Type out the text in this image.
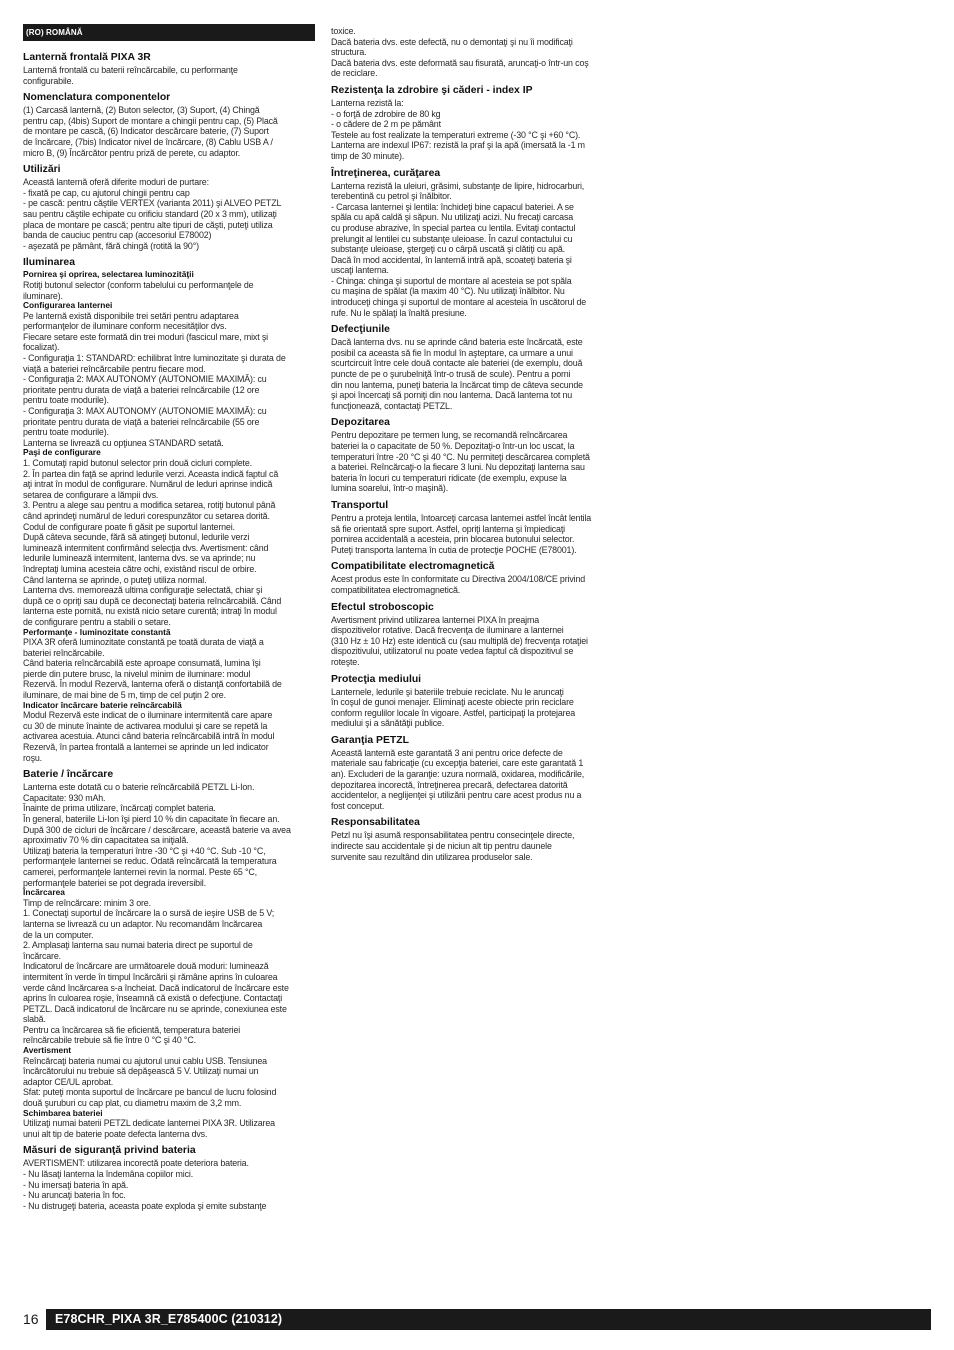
(RO) ROMÂNĂ
Lanternă frontală PIXA 3R

Lanternă frontală cu baterii reîncărcabile, cu performanţe
configurabile.

Nomenclatura componentelor

(1) Carcasă lanternă, (2) Buton selector, (3) Suport, (4) Chingă
pentru cap, (4bis) Suport de montare a chingii pentru cap, (5) Placă
de montare pe cască, (6) Indicator descărcare baterie, (7) Suport
de încărcare, (7bis) Indicator nivel de încărcare, (8) Cablu USB A /
micro B, (9) Încărcător pentru priză de perete, cu adaptor.

Utilizări

Această lanternă oferă diferite moduri de purtare:
- fixată pe cap, cu ajutorul chingii pentru cap
- pe cască: pentru căştile VERTEX (varianta 2011) şi ALVEO PETZL
sau pentru căştile echipate cu orificiu standard (20 x 3 mm), utilizaţi
placa de montare pe cască; pentru alte tipuri de căşti, puteţi utiliza
banda de cauciuc pentru cap (accesoriul E78002)
- aşezată pe pământ, fără chingă (rotită la 90°)

Iluminarea
Pornirea şi oprirea, selectarea luminozităţii

Rotiţi butonul selector (conform tabelului cu performanţele de
iluminare).

Configurarea lanternei

Pe lanternă există disponibile trei setări pentru adaptarea
performanţelor de iluminare conform necesităţilor dvs.
Fiecare setare este formată din trei moduri (fascicul mare, mixt şi
focalizat).
- Configuraţia 1: STANDARD: echilibrat între luminozitate şi durata de
viaţă a bateriei reîncărcabile pentru fiecare mod.
- Configuraţia 2: MAX AUTONOMY (AUTONOMIE MAXIMĂ): cu
prioritate pentru durata de viaţă a bateriei reîncărcabile (12 ore
pentru toate modurile).
- Configuraţia 3: MAX AUTONOMY (AUTONOMIE MAXIMĂ): cu
prioritate pentru durata de viaţă a bateriei reîncărcabile (55 ore
pentru toate modurile).
Lanterna se livrează cu opţiunea STANDARD setată.

Paşi de configurare

1. Comutaţi rapid butonul selector prin două cicluri complete.
2. În partea din faţă se aprind ledurile verzi. Aceasta indică faptul că
aţi intrat în modul de configurare. Numărul de leduri aprinse indică
setarea de configurare a lămpii dvs.
3. Pentru a alege sau pentru a modifica setarea, rotiţi butonul până
când aprindeţi numărul de leduri corespunzător cu setarea dorită.
Codul de configurare poate fi găsit pe suportul lanternei.
După câteva secunde, fără să atingeţi butonul, ledurile verzi
luminează intermitent confirmând selecţia dvs. Avertisment: când
ledurile luminează intermitent, lanterna dvs. se va aprinde; nu
îndreptaţi lumina acesteia către ochi, existând riscul de orbire.
Când lanterna se aprinde, o puteţi utiliza normal.
Lanterna dvs. memorează ultima configuraţie selectată, chiar şi
după ce o opriţi sau după ce deconectaţi bateria reîncărcabilă. Când
lanterna este pornită, nu există nicio setare curentă; intraţi în modul
de configurare pentru a stabili o setare.

Performanţe - luminozitate constantă

PIXA 3R oferă luminozitate constantă pe toată durata de viaţă a
bateriei reîncărcabile.
Când bateria reîncărcabilă este aproape consumată, lumina îşi
pierde din putere brusc, la nivelul minim de iluminare: modul
Rezervă. În modul Rezervă, lanterna oferă o distanţă confortabilă de
iluminare, de mai bine de 5 m, timp de cel puţin 2 ore.

Indicator încărcare baterie reîncărcabilă

Modul Rezervă este indicat de o iluminare intermitentă care apare
cu 30 de minute înainte de activarea modului şi care se repetă la
activarea acestuia. Atunci când bateria reîncărcabilă intră în modul
Rezervă, în partea frontală a lanternei se aprinde un led indicator
roşu.

Baterie / încărcare

Lanterna este dotată cu o baterie reîncărcabilă PETZL Li-Ion.
Capacitate: 930 mAh.
Înainte de prima utilizare, încărcaţi complet bateria.
În general, bateriile Li-Ion îşi pierd 10 % din capacitate în fiecare an.
După 300 de cicluri de încărcare / descărcare, această baterie va avea
aproximativ 70 % din capacitatea sa iniţială.
Utilizaţi bateria la temperaturi între -30 °C şi +40 °C. Sub -10 °C,
performanţele lanternei se reduc. Odată reîncărcată la temperatura
camerei, performanţele lanternei revin la normal. Peste 65 °C,
performanţele bateriei se pot degrada ireversibil.

Încărcarea

Timp de reîncărcare: minim 3 ore.
1. Conectaţi suportul de încărcare la o sursă de ieşire USB de 5 V;
lanterna se livrează cu un adaptor. Nu recomandăm încărcarea
de la un computer.
2. Amplasaţi lanterna sau numai bateria direct pe suportul de
încărcare.
Indicatorul de încărcare are următoarele două moduri: luminează
intermitent în verde în timpul încărcării şi rămâne aprins în culoarea
verde când încărcarea s-a încheiat. Dacă indicatorul de încărcare este
aprins în culoarea roşie, înseamnă că există o defecţiune. Contactaţi
PETZL. Dacă indicatorul de încărcare nu se aprinde, conexiunea este
slabă.
Pentru ca încărcarea să fie eficientă, temperatura bateriei
reîncărcabile trebuie să fie între 0 °C şi 40 °C.

Avertisment

Reîncărcaţi bateria numai cu ajutorul unui cablu USB. Tensiunea
încărcătorului nu trebuie să depăşească 5 V. Utilizaţi numai un
adaptor CE/UL aprobat.
Sfat: puteţi monta suportul de încărcare pe bancul de lucru folosind
două şuruburi cu cap plat, cu diametru maxim de 3,2 mm.

Schimbarea bateriei

Utilizaţi numai baterii PETZL dedicate lanternei PIXA 3R. Utilizarea
unui alt tip de baterie poate defecta lanterna dvs.

Măsuri de siguranţă privind bateria

AVERTISMENT: utilizarea incorectă poate deteriora bateria.
- Nu lăsaţi lanterna la îndemâna copiilor mici.
- Nu imersaţi bateria în apă.
- Nu aruncaţi bateria în foc.
- Nu distrugeţi bateria, aceasta poate exploda şi emite substanţe

toxice.
Dacă bateria dvs. este defectă, nu o demontaţi şi nu îi modificaţi
structura.
Dacă bateria dvs. este deformată sau fisurată, aruncaţi-o într-un coş
de reciclare.

Rezistenţa la zdrobire şi căderi - index IP

Lanterna rezistă la:
- o forţă de zdrobire de 80 kg
- o cădere de 2 m pe pământ
Testele au fost realizate la temperaturi extreme (-30 °C şi +60 °C).
Lanterna are indexul IP67: rezistă la praf şi la apă (imersată la -1 m
timp de 30 minute).

Întreţinerea, curăţarea

Lanterna rezistă la uleiuri, grăsimi, substanţe de lipire, hidrocarburi,
terebentină cu petrol şi înălbitor.
- Carcasa lanternei şi lentila: închideţi bine capacul bateriei. A se
spăla cu apă caldă şi săpun. Nu utilizaţi acizi. Nu frecaţi carcasa
cu produse abrazive, în special partea cu lentila. Evitaţi contactul
prelungit al lentilei cu substanţe uleioase. În cazul contactului cu
substanţe uleioase, ştergeţi cu o cârpă uscată şi clătiţi cu apă.
Dacă în mod accidental, în lanternă intră apă, scoateţi bateria şi
uscaţi lanterna.
- Chinga: chinga şi suportul de montare al acesteia se pot spăla
cu maşina de spălat (la maxim 40 °C). Nu utilizaţi înălbitor. Nu
introduceţi chinga şi suportul de montare al acesteia în uscătorul de
rufe. Nu le spălaţi la înaltă presiune.

Defecţiunile

Dacă lanterna dvs. nu se aprinde când bateria este încărcată, este
posibil ca aceasta să fie în modul în aşteptare, ca urmare a unui
scurtcircuit între cele două contacte ale bateriei (de exemplu, două
puncte de pe o şurubelniţă într-o trusă de scule). Pentru a porni
din nou lanterna, puneţi bateria la încărcat timp de câteva secunde
şi apoi încercaţi să porniţi din nou lanterna. Dacă lanterna tot nu
funcţionează, contactaţi PETZL.

Depozitarea

Pentru depozitare pe termen lung, se recomandă reîncărcarea
bateriei la o capacitate de 50 %. Depozitaţi-o într-un loc uscat, la
temperaturi între -20 °C şi 40 °C. Nu permiteţi descărcarea completă
a bateriei. Reîncărcaţi-o la fiecare 3 luni. Nu depozitaţi lanterna sau
bateria în locuri cu temperaturi ridicate (de exemplu, expuse la
lumina soarelui, într-o maşină).

Transportul

Pentru a proteja lentila, întoarceţi carcasa lanternei astfel încât lentila
să fie orientată spre suport. Astfel, opriţi lanterna şi împiedicaţi
pornirea accidentală a acesteia, prin blocarea butonului selector.
Puteţi transporta lanterna în cutia de protecţie POCHE (E78001).

Compatibilitate electromagnetică

Acest produs este în conformitate cu Directiva 2004/108/CE privind
compatibilitatea electromagnetică.

Efectul stroboscopic

Avertisment privind utilizarea lanternei PIXA în preajma
dispozitivelor rotative. Dacă frecvenţa de iluminare a lanternei
(310 Hz ± 10 Hz) este identică cu (sau multiplă de) frecvenţa rotaţiei
dispozitivului, utilizatorul nu poate vedea faptul că dispozitivul se
roteşte.

Protecţia mediului

Lanternele, ledurile şi bateriile trebuie reciclate. Nu le aruncaţi
în coşul de gunoi menajer. Eliminaţi aceste obiecte prin reciclare
conform regulilor locale în vigoare. Astfel, participaţi la protejarea
mediului şi a sănătăţii publice.

Garanţia PETZL

Această lanternă este garantată 3 ani pentru orice defecte de
materiale sau fabricaţie (cu excepţia bateriei, care este garantată 1
an). Excluderi de la garanţie: uzura normală, oxidarea, modificările,
depozitarea incorectă, întreţinerea precară, defectarea datorită
accidentelor, a neglijenţei şi utilizării pentru care acest produs nu a
fost conceput.

Responsabilitatea

Petzl nu îşi asumă responsabilitatea pentru consecinţele directe,
indirecte sau accidentale şi de niciun alt tip pentru daunele
survenite sau rezultând din utilizarea produselor sale.

16	E78CHR_PIXA 3R_E785400C (210312)
